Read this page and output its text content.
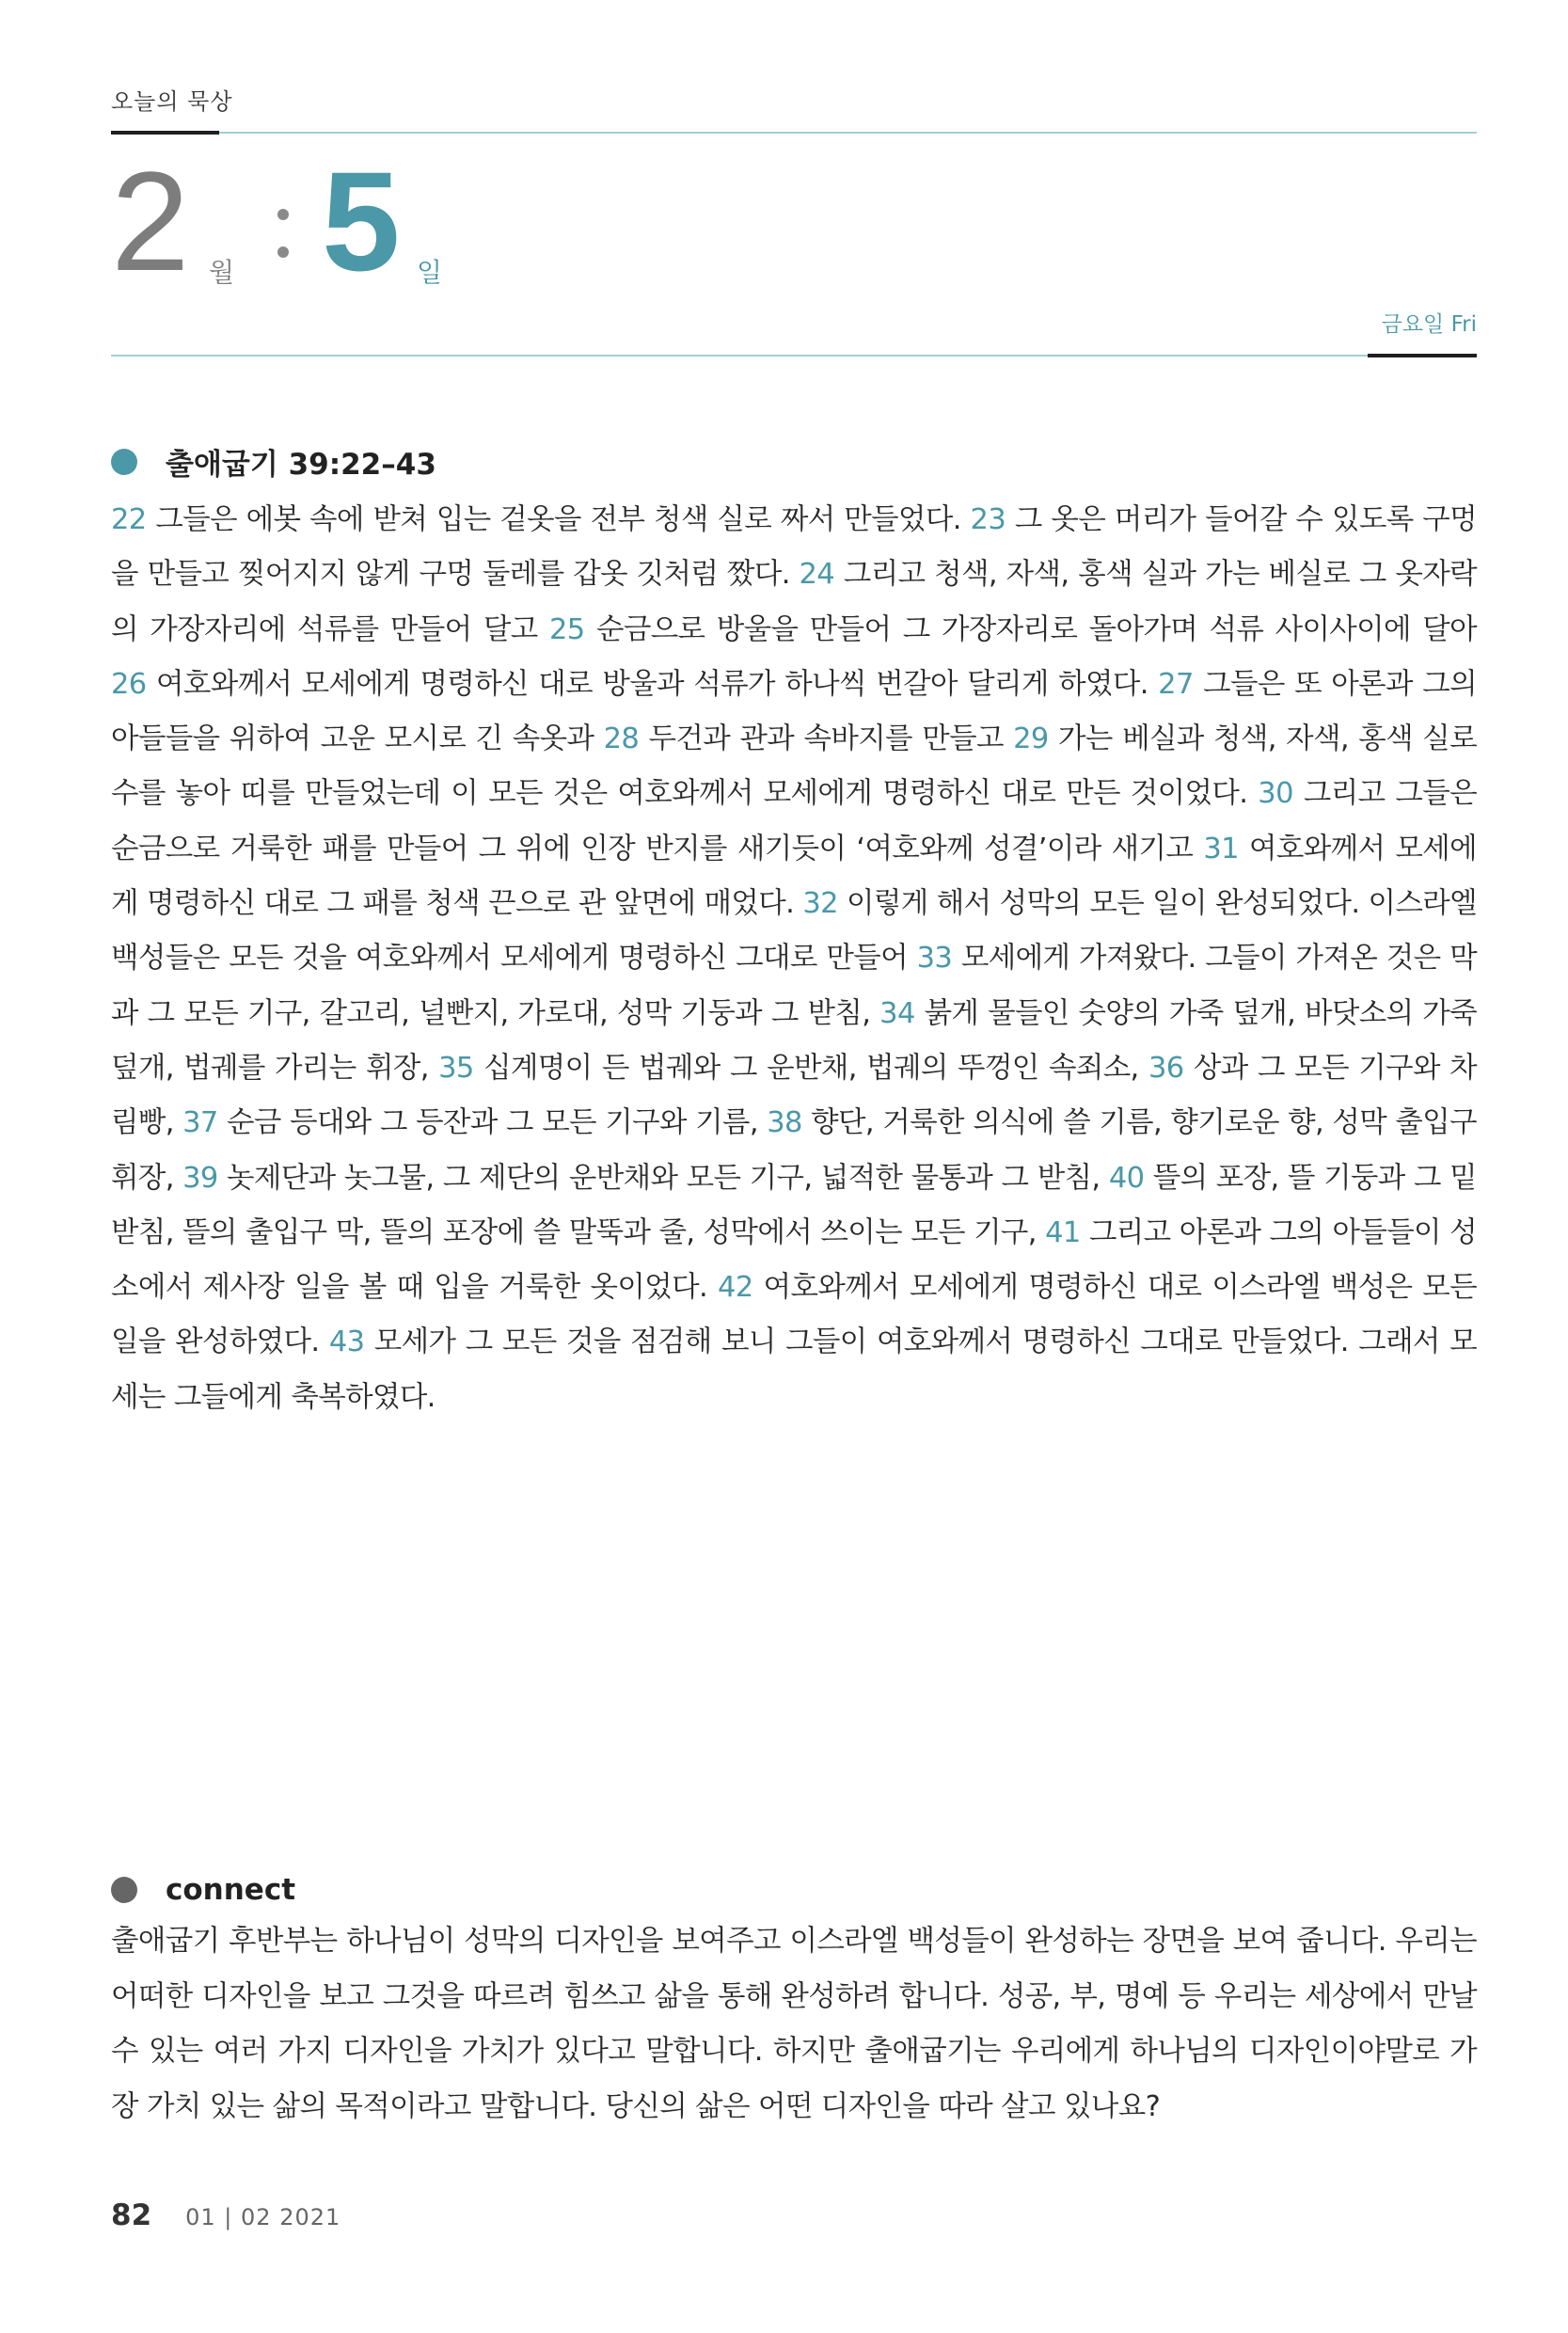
오늘의 묵상
2 월 5 일
금요일 Fri
출애굽기 39:22–43
22 그들은 에봇 속에 받쳐 입는 겉옷을 전부 청색 실로 짜서 만들었다. 23 그 옷은 머리가 들어갈 수 있도록 구멍을 만들고 찢어지지 않게 구멍 둘레를 갑옷 깃처럼 짰다. 24 그리고 청색, 자색, 홍색 실과 가는 베실로 그 옷자락의 가장자리에 석류를 만들어 달고 25 순금으로 방울을 만들어 그 가장자리로 돌아가며 석류 사이사이에 달아 26 여호와께서 모세에게 명령하신 대로 방울과 석류가 하나씩 번갈아 달리게 하였다. 27 그들은 또 아론과 그의 아들들을 위하여 고운 모시로 긴 속옷과 28 두건과 관과 속바지를 만들고 29 가는 베실과 청색, 자색, 홍색 실로 수를 놓아 띠를 만들었는데 이 모든 것은 여호와께서 모세에게 명령하신 대로 만든 것이었다. 30 그리고 그들은 순금으로 거룩한 패를 만들어 그 위에 인장 반지를 새기듯이 ‘여호와께 성결’이라 새기고 31 여호와께서 모세에게 명령하신 대로 그 패를 청색 끈으로 관 앞면에 매었다. 32 이렇게 해서 성막의 모든 일이 완성되었다. 이스라엘 백성들은 모든 것을 여호와께서 모세에게 명령하신 그대로 만들어 33 모세에게 가져왔다. 그들이 가져온 것은 막과 그 모든 기구, 갈고리, 널빤지, 가로대, 성막 기둥과 그 받침, 34 붉게 물들인 숫양의 가죽 덮개, 바닷소의 가죽 덮개, 법궤를 가리는 휘장, 35 십계명이 든 법궤와 그 운반채, 법궤의 뚜껑인 속죄소, 36 상과 그 모든 기구와 차림빵, 37 순금 등대와 그 등잔과 그 모든 기구와 기름, 38 향단, 거룩한 의식에 쓸 기름, 향기로운 향, 성막 출입구 휘장, 39 놋제단과 놋그물, 그 제단의 운반채와 모든 기구, 넓적한 물통과 그 받침, 40 뜰의 포장, 뜰 기둥과 그 밑받침, 뜰의 출입구 막, 뜰의 포장에 쓸 말뚝과 줄, 성막에서 쓰이는 모든 기구, 41 그리고 아론과 그의 아들들이 성소에서 제사장 일을 볼 때 입을 거룩한 옷이었다. 42 여호와께서 모세에게 명령하신 대로 이스라엘 백성은 모든 일을 완성하였다. 43 모세가 그 모든 것을 점검해 보니 그들이 여호와께서 명령하신 그대로 만들었다. 그래서 모세는 그들에게 축복하였다.
connect
출애굽기 후반부는 하나님이 성막의 디자인을 보여주고 이스라엘 백성들이 완성하는 장면을 보여 줍니다. 우리는 어떠한 디자인을 보고 그것을 따르려 힘쓰고 삶을 통해 완성하려 합니다. 성공, 부, 명예 등 우리는 세상에서 만날 수 있는 여러 가지 디자인을 가치가 있다고 말합니다. 하지만 출애굽기는 우리에게 하나님의 디자인이야말로 가장 가치 있는 삶의 목적이라고 말합니다. 당신의 삶은 어떤 디자인을 따라 살고 있나요?
82 01 | 02 2021
